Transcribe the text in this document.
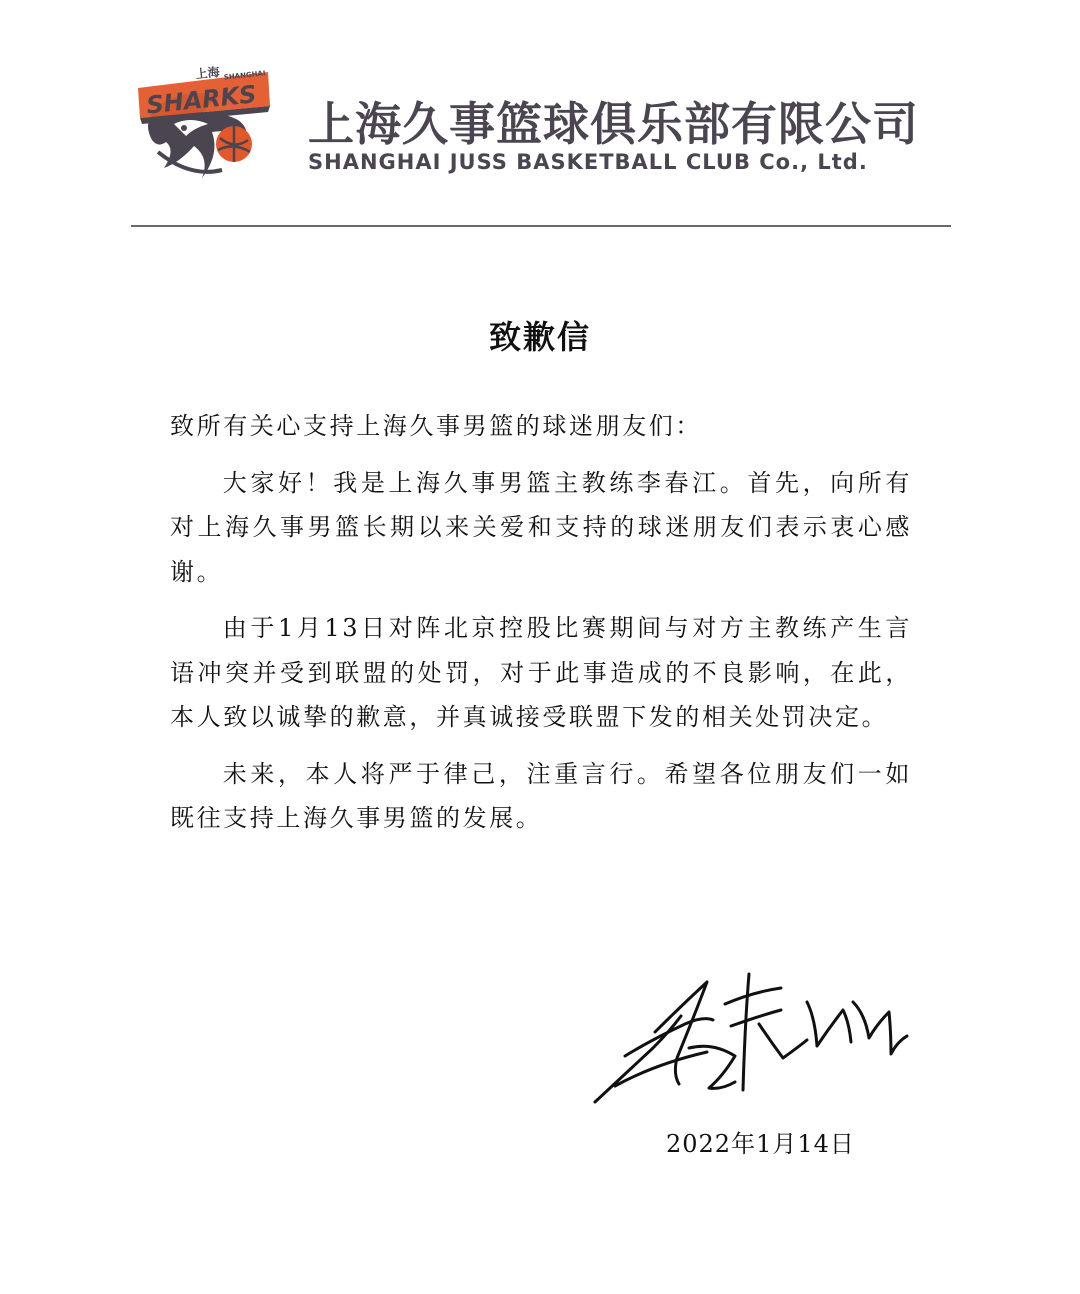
SHARKS
上海 SHANGHAI
上海久事篮球俱乐部有限公司
SHANGHAI JUSS BASKETBALL CLUB Co., Ltd.
致歉信

致所有关心支持上海久事男篮的球迷朋友们：

大家好！我是上海久事男篮主教练李春江。首先，向所有对上海久事男篮长期以来关爱和支持的球迷朋友们表示衷心感谢。

由于1月13日对阵北京控股比赛期间与对方主教练产生言语冲突并受到联盟的处罚，对于此事造成的不良影响，在此，本人致以诚挚的歉意，并真诚接受联盟下发的相关处罚决定。

未来，本人将严于律己，注重言行。希望各位朋友们一如既往支持上海久事男篮的发展。

2022年1月14日
